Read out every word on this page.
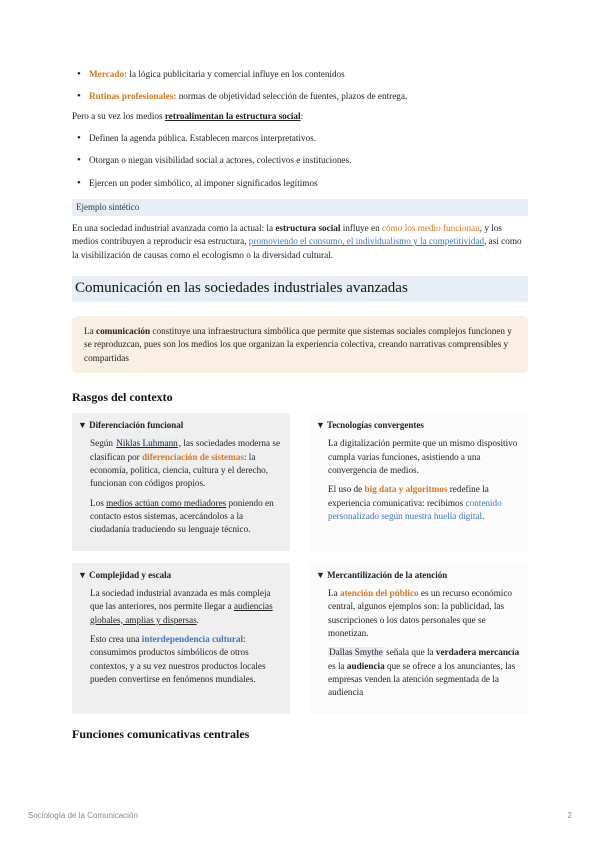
• Mercado: la lógica publicitaria y comercial influye en los contenidos
• Rutinas profesionales: normas de objetividad selección de fuentes, plazos de entrega.

Pero a su vez los medios retroalimentan la estructura social:

• Definen la agenda pública. Establecen marcos interpretativos.
• Otorgan o niegan visibilidad social a actores, colectivos e instituciones.
• Ejercen un poder simbólico, al imponer significados legítimos
Ejemplo sintético

En una sociedad industrial avanzada como la actual: la estructura social influye en cómo los medio funcionan, y los medios contribuyen a reproducir esa estructura, promoviendo el consumo, el individualismo y la competitividad, así como la visibilización de causas como el ecologismo o la diversidad cultural.

Comunicación en las sociedades industriales avanzadas
La comunicación constituye una infraestructura simbólica que permite que sistemas sociales complejos funcionen y se reproduzcan, pues son los medios los que organizan la experiencia colectiva, creando narrativas comprensibles y compartidas
Rasgos del contexto
▼ Diferenciación funcional

Según Niklas Luhmann, las sociedades moderna se clasifican por diferenciación de sistemas: la economía, política, ciencia, cultura y el derecho, funcionan con códigos propios.

Los medios actúan como mediadores poniendo en contacto estos sistemas, acercándolos a la ciudadanía traduciendo su lenguaje técnico.

▼ Tecnologías convergentes

La digitalización permite que un mismo dispositivo cumpla varias funciones, asistiendo a una convergencia de medios.

El uso de big data y algoritmos redefine la experiencia comunicativa: recibimos contenido personalizado según nuestra huella digital.

▼ Complejidad y escala

La sociedad industrial avanzada es más compleja que las anteriores, nos permite llegar a audiencias globales, amplias y dispersas.

Esto crea una interdependencia cultural: consumimos productos simbólicos de otros contextos, y a su vez nuestros productos locales pueden convertirse en fenómenos mundiales.

▼ Mercantilización de la atención

La atención del público es un recurso económico central, algunos ejemplos son: la publicidad, las suscripciones o los datos personales que se monetizan.

Dallas Smythe señala que la verdadera mercancía es la audiencia que se ofrece a los anunciantes, las empresas venden la atención segmentada de la audiencia

Funciones comunicativas centrales
Sociología de la Comunicación	2
